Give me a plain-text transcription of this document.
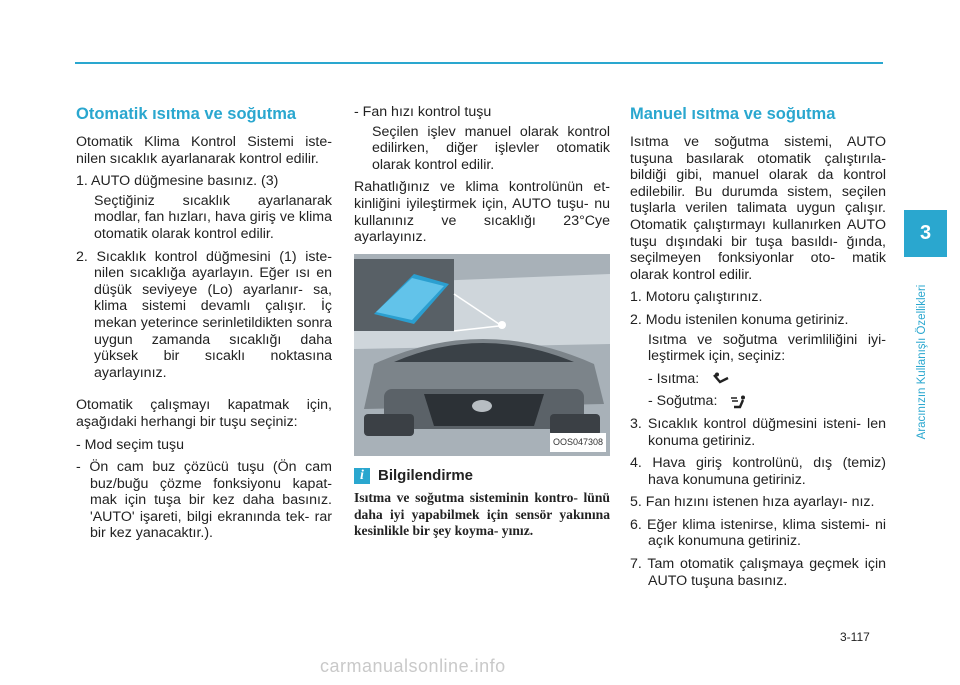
Otomatik ısıtma ve soğutma

Otomatik Klima Kontrol Sistemi iste- nilen sıcaklık ayarlanarak kontrol edilir.

1. AUTO düğmesine basınız. (3)

Seçtiğiniz sıcaklık ayarlanarak modlar, fan hızları, hava giriş ve klima otomatik olarak kontrol edilir.

2. Sıcaklık kontrol düğmesini (1) iste- nilen sıcaklığa ayarlayın. Eğer ısı en düşük seviyeye (Lo) ayarlanır- sa, klima sistemi devamlı çalışır. İç mekan yeterince serinletildikten sonra uygun zamanda sıcaklığı daha yüksek bir sıcaklı noktasına ayarlayınız.

Otomatik çalışmayı kapatmak için, aşağıdaki herhangi bir tuşu seçiniz:

- Mod seçim tuşu

- Ön cam buz çözücü tuşu (Ön cam buz/buğu çözme fonksiyonu kapat- mak için tuşa bir kez daha basınız. 'AUTO' işareti, bilgi ekranında tek- rar bir kez yanacaktır.).

- Fan hızı kontrol tuşu

Seçilen işlev manuel olarak kontrol edilirken, diğer işlevler otomatik olarak kontrol edilir.

Rahatlığınız ve klima kontrolünün et- kinliğini iyileştirmek için, AUTO tuşu- nu kullanınız ve sıcaklığı 23°Cye ayarlayınız.

OOS047308
i Bilgilendirme

Isıtma ve soğutma sisteminin kontro- lünü daha iyi yapabilmek için sensör yakınına kesinlikle bir şey koyma- yınız.

Manuel ısıtma ve soğutma

Isıtma ve soğutma sistemi, AUTO tuşuna basılarak otomatik çalıştırıla- bildiği gibi, manuel olarak da kontrol edilebilir. Bu durumda sistem, seçilen tuşlarla verilen talimata uygun çalışır. Otomatik çalıştırmayı kullanırken AUTO tuşu dışındaki bir tuşa basıldı- ğında, seçilmeyen fonksiyonlar oto- matik olarak kontrol edilir.

1. Motoru çalıştırınız.

2. Modu istenilen konuma getiriniz.

Isıtma ve soğutma verimliliğini iyi- leştirmek için, seçiniz:

- Isıtma:

- Soğutma:

3. Sıcaklık kontrol düğmesini isteni- len konuma getiriniz.

4. Hava giriş kontrolünü, dış (temiz) hava konumuna getiriniz.

5. Fan hızını istenen hıza ayarlayı- nız.

6. Eğer klima istenirse, klima sistemi- ni açık konumuna getiriniz.

7. Tam otomatik çalışmaya geçmek için AUTO tuşuna basınız.

3
Aracınızın Kullanışlı Özellikleri
3-117
carmanualsonline.info
